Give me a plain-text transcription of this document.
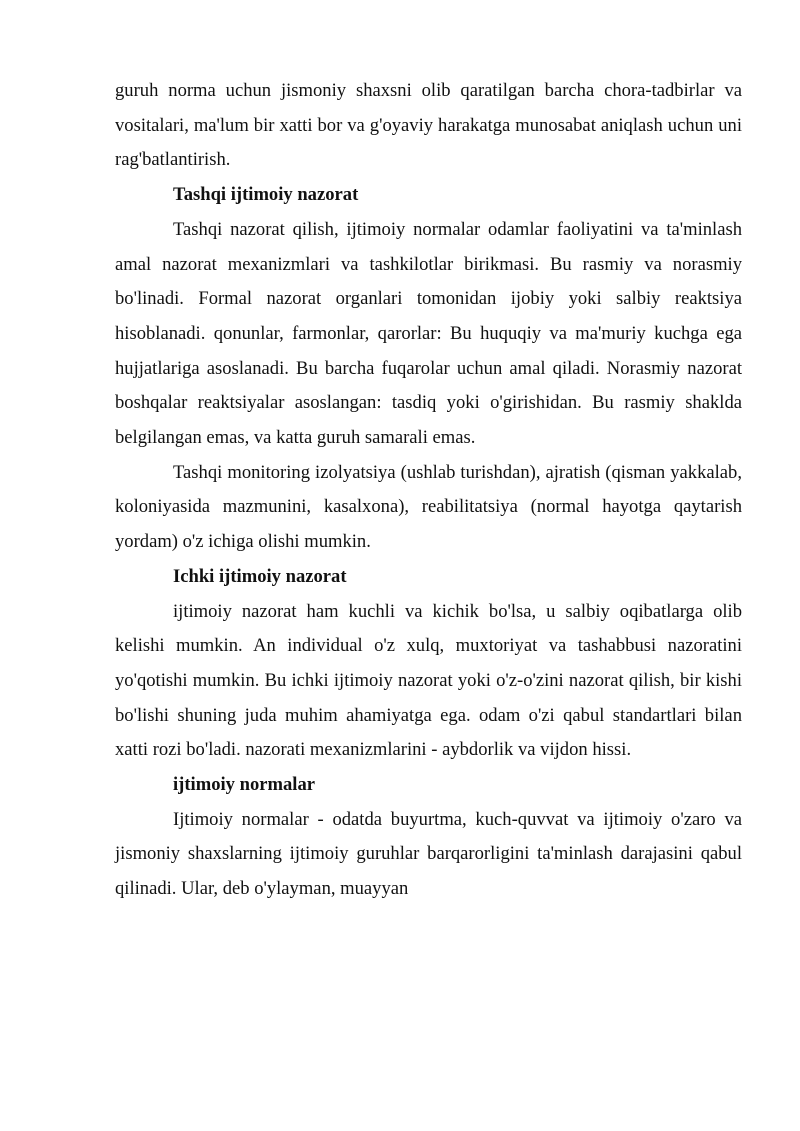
guruh norma uchun jismoniy shaxsni olib qaratilgan barcha chora-tadbirlar va vositalari, ma'lum bir xatti bor va g'oyaviy harakatga munosabat aniqlash uchun uni rag'batlantirish.

Tashqi ijtimoiy nazorat

Tashqi nazorat qilish, ijtimoiy normalar odamlar faoliyatini va ta'minlash amal nazorat mexanizmlari va tashkilotlar birikmasi. Bu rasmiy va norasmiy bo'linadi. Formal nazorat organlari tomonidan ijobiy yoki salbiy reaktsiya hisoblanadi. qonunlar, farmonlar, qarorlar: Bu huquqiy va ma'muriy kuchga ega hujjatlariga asoslanadi. Bu barcha fuqarolar uchun amal qiladi. Norasmiy nazorat boshqalar reaktsiyalar asoslangan: tasdiq yoki o'girishidan. Bu rasmiy shaklda belgilangan emas, va katta guruh samarali emas.

Tashqi monitoring izolyatsiya (ushlab turishdan), ajratish (qisman yakkalab, koloniyasida mazmunini, kasalxona), reabilitatsiya (normal hayotga qaytarish yordam) o'z ichiga olishi mumkin.

Ichki ijtimoiy nazorat

ijtimoiy nazorat ham kuchli va kichik bo'lsa, u salbiy oqibatlarga olib kelishi mumkin. An individual o'z xulq, muxtoriyat va tashabbusi nazoratini yo'qotishi mumkin. Bu ichki ijtimoiy nazorat yoki o'z-o'zini nazorat qilish, bir kishi bo'lishi shuning juda muhim ahamiyatga ega. odam o'zi qabul standartlari bilan xatti rozi bo'ladi. nazorati mexanizmlarini - aybdorlik va vijdon hissi.

ijtimoiy normalar

Ijtimoiy normalar - odatda buyurtma, kuch-quvvat va ijtimoiy o'zaro va jismoniy shaxslarning ijtimoiy guruhlar barqarorligini ta'minlash darajasini qabul qilinadi. Ular, deb o'ylayman, muayyan
